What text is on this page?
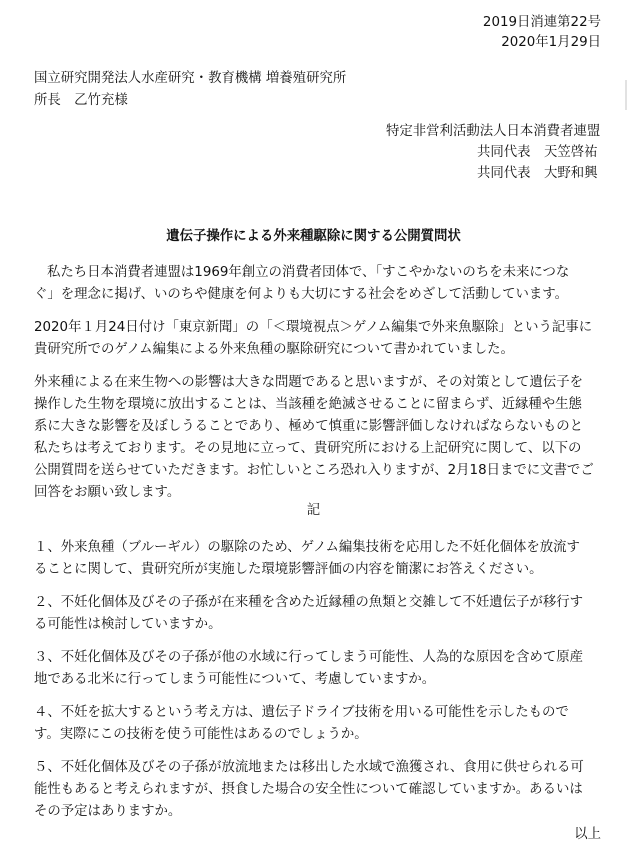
2019日消連第22号
2020年1月29日
国立研究開発法人水産研究・教育機構 増養殖研究所
所長　乙竹充様
特定非営利活動法人日本消費者連盟
共同代表　天笠啓祐
共同代表　大野和興
遺伝子操作による外来種駆除に関する公開質問状
私たち日本消費者連盟は1969年創立の消費者団体で、「すこやかないのちを未来につな
ぐ」を理念に掲げ、いのちや健康を何よりも大切にする社会をめざして活動しています。
2020年１月24日付け「東京新聞」の「＜環境視点＞ゲノム編集で外来魚駆除」という記事に
貴研究所でのゲノム編集による外来魚種の駆除研究について書かれていました。
外来種による在来生物への影響は大きな問題であると思いますが、その対策として遺伝子を
操作した生物を環境に放出することは、当該種を絶滅させることに留まらず、近縁種や生態
系に大きな影響を及ぼしうることであり、極めて慎重に影響評価しなければならないものと
私たちは考えております。その見地に立って、貴研究所における上記研究に関して、以下の
公開質問を送らせていただきます。お忙しいところ恐れ入りますが、2月18日までに文書でご
回答をお願い致します。
記
１、外来魚種（ブルーギル）の駆除のため、ゲノム編集技術を応用した不妊化個体を放流す
ることに関して、貴研究所が実施した環境影響評価の内容を簡潔にお答えください。
２、不妊化個体及びその子孫が在来種を含めた近縁種の魚類と交雑して不妊遺伝子が移行す
る可能性は検討していますか。
３、不妊化個体及びその子孫が他の水域に行ってしまう可能性、人為的な原因を含めて原産
地である北米に行ってしまう可能性について、考慮していますか。
４、不妊を拡大するという考え方は、遺伝子ドライブ技術を用いる可能性を示したもので
す。実際にこの技術を使う可能性はあるのでしょうか。
５、不妊化個体及びその子孫が放流地または移出した水域で漁獲され、食用に供せられる可
能性もあると考えられますが、摂食した場合の安全性について確認していますか。あるいは
その予定はありますか。
以上
